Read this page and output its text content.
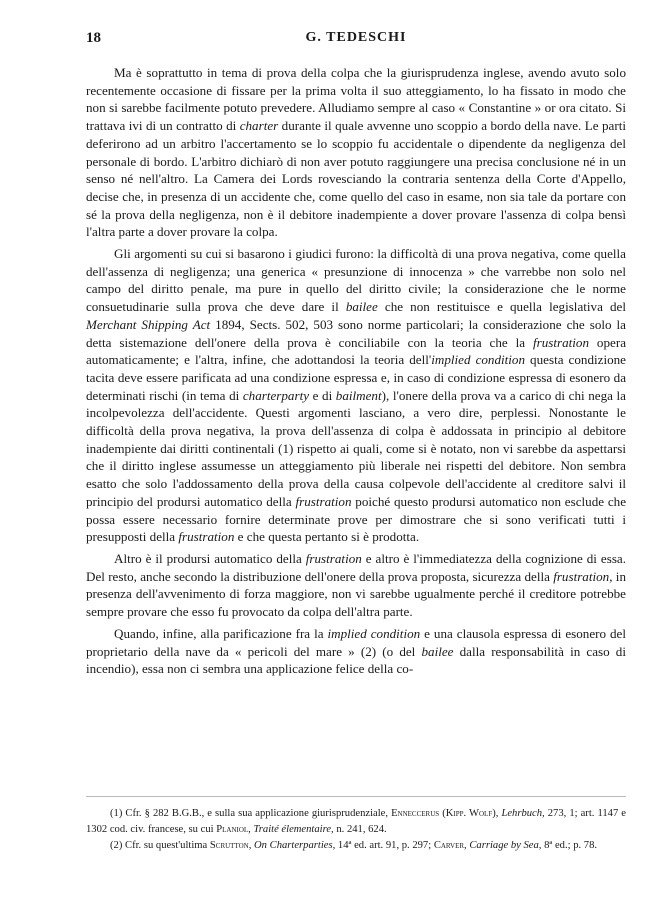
18	G. TEDESCHI

Ma è soprattutto in tema di prova della colpa che la giurisprudenza inglese, avendo avuto solo recentemente occasione di fissare per la prima volta il suo atteggiamento, lo ha fissato in modo che non si sarebbe facilmente potuto prevedere. Alludiamo sempre al caso « Constantine » or ora citato. Si trattava ivi di un contratto di charter durante il quale avvenne uno scoppio a bordo della nave. Le parti deferirono ad un arbitro l'accertamento se lo scoppio fu accidentale o dipendente da negligenza del personale di bordo. L'arbitro dichiarò di non aver potuto raggiungere una precisa conclusione né in un senso né nell'altro. La Camera dei Lords rovesciando la contraria sentenza della Corte d'Appello, decise che, in presenza di un accidente che, come quello del caso in esame, non sia tale da portare con sé la prova della negligenza, non è il debitore inadempiente a dover provare l'assenza di colpa bensì l'altra parte a dover provare la colpa.

Gli argomenti su cui si basarono i giudici furono: la difficoltà di una prova negativa, come quella dell'assenza di negligenza; una generica « presunzione di innocenza » che varrebbe non solo nel campo del diritto penale, ma pure in quello del diritto civile; la considerazione che le norme consuetudinarie sulla prova che deve dare il bailee che non restituisce e quella legislativa del Merchant Shipping Act 1894, Sects. 502, 503 sono norme particolari; la considerazione che solo la detta sistemazione dell'onere della prova è conciliabile con la teoria che la frustration opera automaticamente; e l'altra, infine, che adottandosi la teoria dell'implied condition questa condizione tacita deve essere parificata ad una condizione espressa e, in caso di condizione espressa di esonero da determinati rischi (in tema di charterparty e di bailment), l'onere della prova va a carico di chi nega la incolpevolezza dell'accidente. Questi argomenti lasciano, a vero dire, perplessi. Nonostante le difficoltà della prova negativa, la prova dell'assenza di colpa è addossata in principio al debitore inadempiente dai diritti continentali (1) rispetto ai quali, come si è notato, non vi sarebbe da aspettarsi che il diritto inglese assumesse un atteggiamento più liberale nei rispetti del debitore. Non sembra esatto che solo l'addossamento della prova della causa colpevole dell'accidente al creditore salvi il principio del prodursi automatico della frustration poiché questo prodursi automatico non esclude che possa essere necessario fornire determinate prove per dimostrare che si sono verificati tutti i presupposti della frustration e che questa pertanto si è prodotta.

Altro è il prodursi automatico della frustration e altro è l'immediatezza della cognizione di essa. Del resto, anche secondo la distribuzione dell'onere della prova proposta, sicurezza della frustration, in presenza dell'avvenimento di forza maggiore, non vi sarebbe ugualmente perché il creditore potrebbe sempre provare che esso fu provocato da colpa dell'altra parte.

Quando, infine, alla parificazione fra la implied condition e una clausola espressa di esonero del proprietario della nave da « pericoli del mare » (2) (o del bailee dalla responsabilità in caso di incendio), essa non ci sembra una applicazione felice della co-

(1) Cfr. § 282 B.G.B., e sulla sua applicazione giurisprudenziale, Enneccerus (Kipp. Wolf), Lehrbuch, 273, 1; art. 1147 e 1302 cod. civ. francese, su cui Planiol, Traité élementaire, n. 241, 624.

(2) Cfr. su quest'ultima Scrutton, On Charterparties, 14ª ed. art. 91, p. 297; Carver, Carriage by Sea, 8ª ed.; p. 78.
